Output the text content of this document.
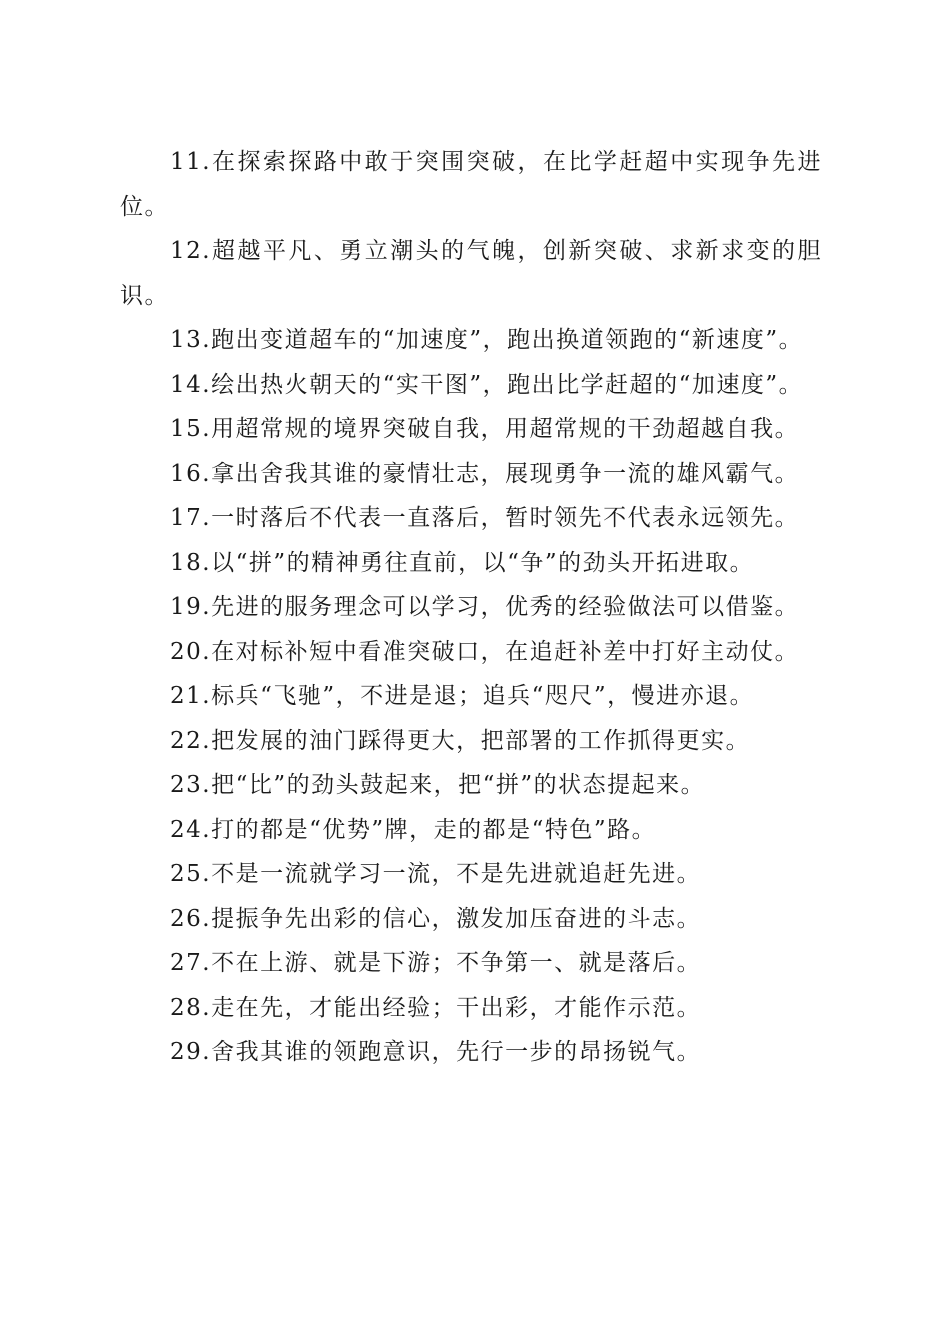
11.在探索探路中敢于突围突破，在比学赶超中实现争先进位。

12.超越平凡、勇立潮头的气魄，创新突破、求新求变的胆识。

13.跑出变道超车的“加速度”，跑出换道领跑的“新速度”。

14.绘出热火朝天的“实干图”，跑出比学赶超的“加速度”。

15.用超常规的境界突破自我，用超常规的干劲超越自我。

16.拿出舍我其谁的豪情壮志，展现勇争一流的雄风霸气。

17.一时落后不代表一直落后，暂时领先不代表永远领先。

18.以“拼”的精神勇往直前，以“争”的劲头开拓进取。

19.先进的服务理念可以学习，优秀的经验做法可以借鉴。

20.在对标补短中看准突破口，在追赶补差中打好主动仗。

21.标兵“飞驰”，不进是退；追兵“咫尺”，慢进亦退。

22.把发展的油门踩得更大，把部署的工作抓得更实。

23.把“比”的劲头鼓起来，把“拼”的状态提起来。

24.打的都是“优势”牌，走的都是“特色”路。

25.不是一流就学习一流，不是先进就追赶先进。

26.提振争先出彩的信心，激发加压奋进的斗志。

27.不在上游、就是下游；不争第一、就是落后。

28.走在先，才能出经验；干出彩，才能作示范。

29.舍我其谁的领跑意识，先行一步的昂扬锐气。
